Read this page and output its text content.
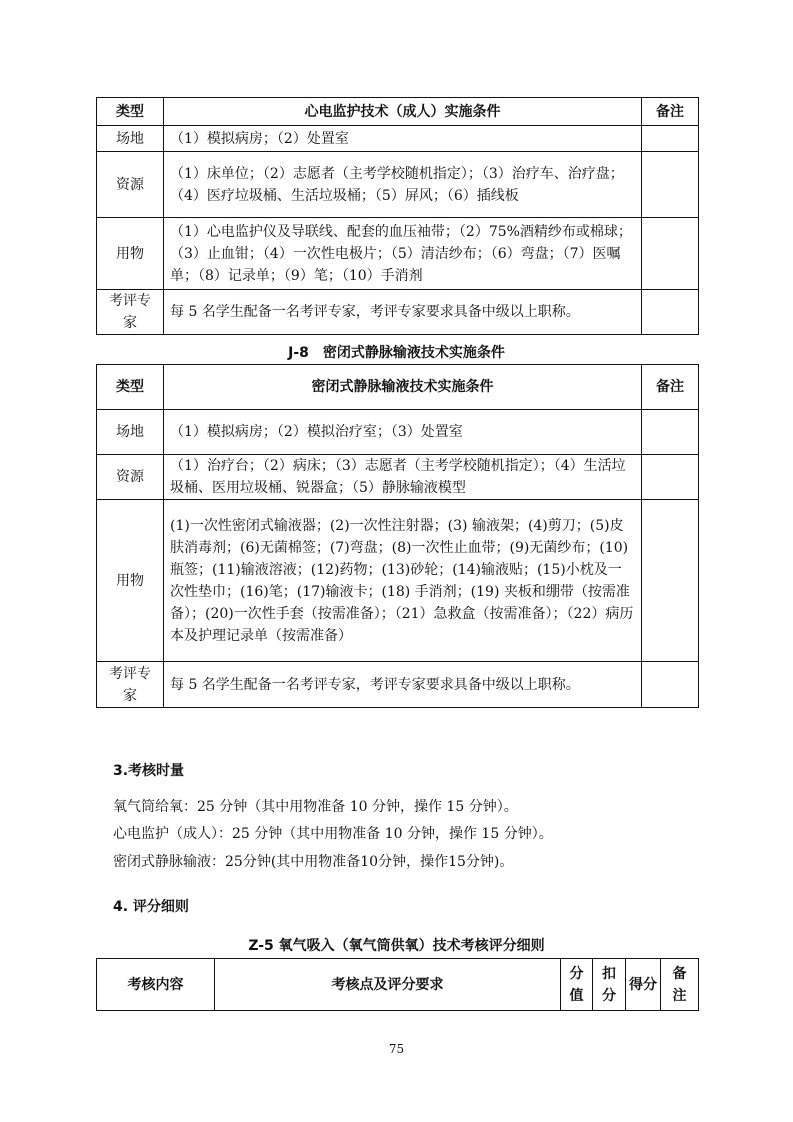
类型	心电监护技术（成人）实施条件	备注
场地	（1）模拟病房；（2）处置室	
资源	（1）床单位；（2）志愿者（主考学校随机指定）；（3）治疗车、治疗盘；（4）医疗垃圾桶、生活垃圾桶；（5）屏风；（6）插线板	
用物	（1）心电监护仪及导联线、配套的血压袖带；（2）75%酒精纱布或棉球；（3）止血钳；（4）一次性电极片；（5）清洁纱布；（6）弯盘；（7）医嘱单；（8）记录单；（9）笔；（10）手消剂	
考评专家	每 5 名学生配备一名考评专家，考评专家要求具备中级以上职称。	
J-8　密闭式静脉输液技术实施条件
类型	密闭式静脉输液技术实施条件	备注
场地	（1）模拟病房；（2）模拟治疗室；（3）处置室	
资源	（1）治疗台；（2）病床；（3）志愿者（主考学校随机指定）；（4）生活垃圾桶、医用垃圾桶、锐器盒；（5）静脉输液模型	
用物	(1)一次性密闭式输液器；(2)一次性注射器；(3) 输液架；(4)剪刀；(5)皮肤消毒剂；(6)无菌棉签；(7)弯盘；(8)一次性止血带；(9)无菌纱布；(10)瓶签；(11)输液溶液；(12)药物；(13)砂轮；(14)输液贴；(15)小枕及一次性垫巾；(16)笔；(17)输液卡；(18) 手消剂；(19) 夹板和绷带（按需准备）；(20)一次性手套（按需准备）；（21）急救盒（按需准备）；（22）病历本及护理记录单（按需准备）	
考评专家	每 5 名学生配备一名考评专家，考评专家要求具备中级以上职称。	
3.考核时量
氧气筒给氧：25 分钟（其中用物准备 10 分钟，操作 15 分钟）。
心电监护（成人）：25 分钟（其中用物准备 10 分钟，操作 15 分钟）。
密闭式静脉输液：25分钟(其中用物准备10分钟，操作15分钟)。
4. 评分细则
Z-5 氧气吸入（氧气筒供氧）技术考核评分细则
考核内容	考核点及评分要求	分值	扣分	得分	备注
75
